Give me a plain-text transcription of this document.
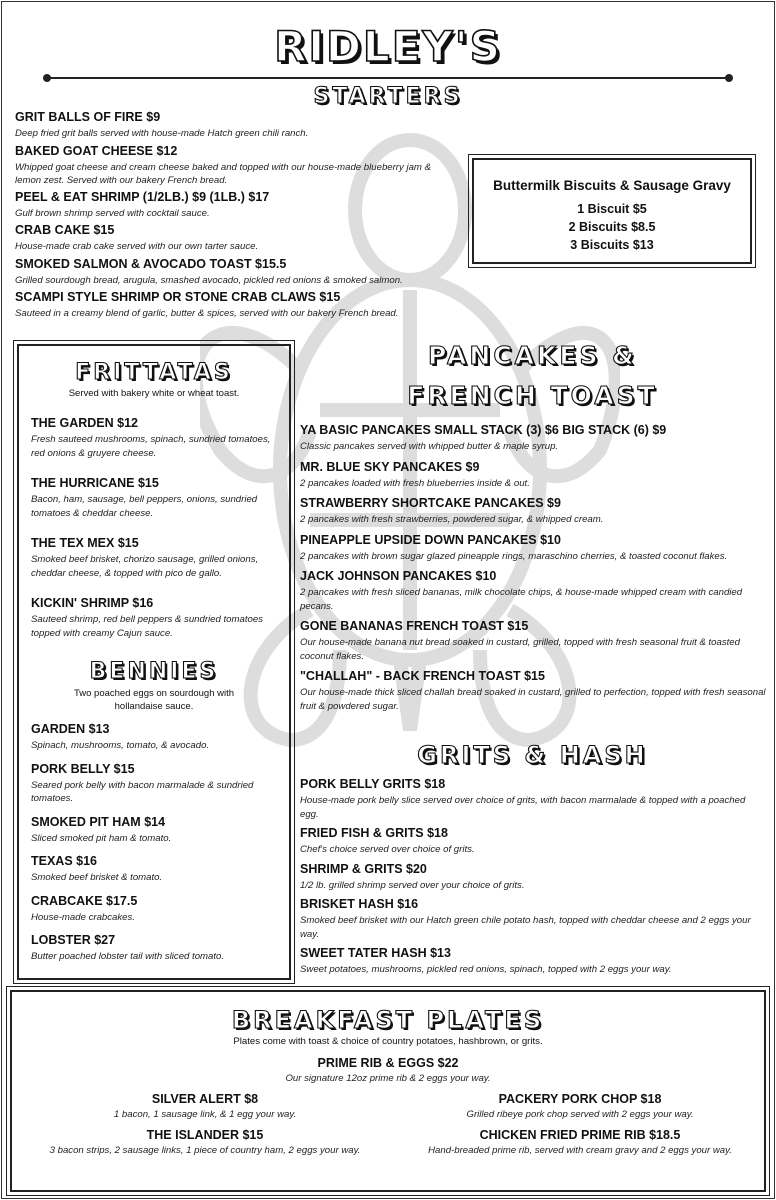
RIDLEY'S
STARTERS
GRIT BALLS OF FIRE $9
Deep fried grit balls served with house-made Hatch green chili ranch.
BAKED GOAT CHEESE $12
Whipped goat cheese and cream cheese baked and topped with our house-made blueberry jam & lemon zest. Served with our bakery French bread.
PEEL & EAT SHRIMP (1/2LB.) $9 (1LB.) $17
Gulf brown shrimp served with cocktail sauce.
CRAB CAKE $15
House-made crab cake served with our own tarter sauce.
SMOKED SALMON & AVOCADO TOAST $15.5
Grilled sourdough bread, arugula, smashed avocado, pickled red onions & smoked salmon.
SCAMPI STYLE SHRIMP OR STONE CRAB CLAWS $15
Sauteed in a creamy blend of garlic, butter & spices, served with our bakery French bread.
Buttermilk Biscuits & Sausage Gravy
1 Biscuit $5
2 Biscuits $8.5
3 Biscuits $13
FRITTATAS
Served with bakery white or wheat toast.
THE GARDEN $12
Fresh sauteed mushrooms, spinach, sundried tomatoes, red onions & gruyere cheese.
THE HURRICANE $15
Bacon, ham, sausage, bell peppers, onions, sundried tomatoes & cheddar cheese.
THE TEX MEX $15
Smoked beef brisket, chorizo sausage, grilled onions, cheddar cheese, & topped with pico de gallo.
KICKIN' SHRIMP $16
Sauteed shrimp, red bell peppers & sundried tomatoes topped with creamy Cajun sauce.
BENNIES
Two poached eggs on sourdough with hollandaise sauce.
GARDEN $13
Spinach, mushrooms, tomato, & avocado.
PORK BELLY $15
Seared pork belly with bacon marmalade & sundried tomatoes.
SMOKED PIT HAM $14
Sliced smoked pit ham & tomato.
TEXAS $16
Smoked beef brisket & tomato.
CRABCAKE $17.5
House-made crabcakes.
LOBSTER $27
Butter poached lobster tail with sliced tomato.
PANCAKES &
FRENCH TOAST
YA BASIC PANCAKES SMALL STACK (3) $6 BIG STACK (6) $9
Classic pancakes served with whipped butter & maple syrup.
MR. BLUE SKY PANCAKES $9
2 pancakes loaded with fresh blueberries inside & out.
STRAWBERRY SHORTCAKE PANCAKES $9
2 pancakes with fresh strawberries, powdered sugar, & whipped cream.
PINEAPPLE UPSIDE DOWN PANCAKES $10
2 pancakes with brown sugar glazed pineapple rings, maraschino cherries, & toasted coconut flakes.
JACK JOHNSON PANCAKES $10
2 pancakes with fresh sliced bananas, milk chocolate chips, & house-made whipped cream with candied pecans.
GONE BANANAS FRENCH TOAST $15
Our house-made banana nut bread soaked in custard, grilled, topped with fresh seasonal fruit & toasted coconut flakes.
"CHALLAH" - BACK FRENCH TOAST $15
Our house-made thick sliced challah bread soaked in custard, grilled to perfection, topped with fresh seasonal fruit & powdered sugar.
GRITS & HASH
PORK BELLY GRITS $18
House-made pork belly slice served over choice of grits, with bacon marmalade & topped with a poached egg.
FRIED FISH & GRITS $18
Chef's choice served over choice of grits.
SHRIMP & GRITS $20
1/2 lb. grilled shrimp served over your choice of grits.
BRISKET HASH $16
Smoked beef brisket with our Hatch green chile potato hash, topped with cheddar cheese and 2 eggs your way.
SWEET TATER HASH $13
Sweet potatoes, mushrooms, pickled red onions, spinach, topped with 2 eggs your way.
BREAKFAST PLATES
Plates come with toast & choice of country potatoes, hashbrown, or grits.
PRIME RIB & EGGS $22
Our signature 12oz prime rib & 2 eggs your way.
SILVER ALERT $8
1 bacon, 1 sausage link, & 1 egg your way.
THE ISLANDER $15
3 bacon strips, 2 sausage links, 1 piece of country ham, 2 eggs your way.
PACKERY PORK CHOP $18
Grilled ribeye pork chop served with 2 eggs your way.
CHICKEN FRIED PRIME RIB $18.5
Hand-breaded prime rib, served with cream gravy and 2 eggs your way.
